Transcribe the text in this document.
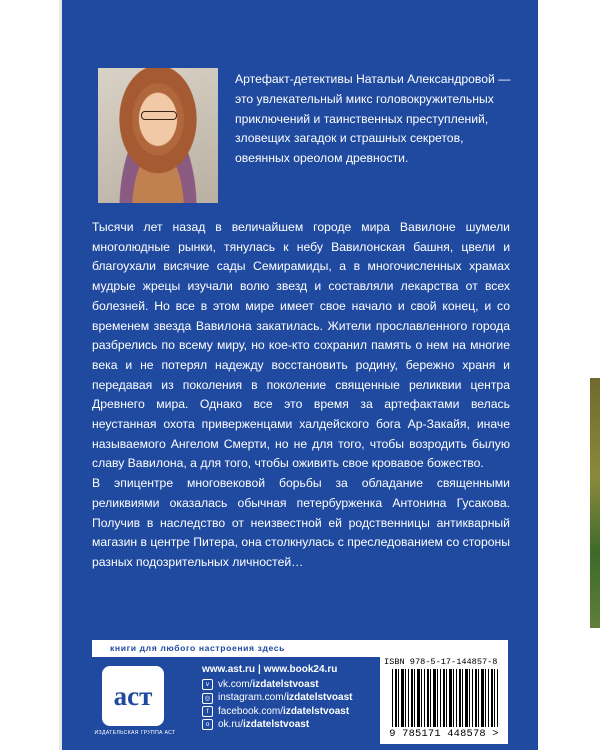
Артефакт-детективы Натальи Александровой —
это увлекательный микс головокружительных
приключений и таинственных преступлений,
зловещих загадок и страшных секретов,
овеянных ореолом древности.

Тысячи лет назад в величайшем городе мира Вавилоне шумели многолюдные рынки, тянулась к небу Вавилонская башня, цвели и благоухали висячие сады Семирамиды, а в многочисленных храмах мудрые жрецы изучали волю звезд и составляли лекарства от всех болезней. Но все в этом мире имеет свое начало и свой конец, и со временем звезда Вавилона закатилась. Жители прославленного города разбрелись по всему миру, но кое-кто сохранил память о нем на многие века и не потерял надежду восстановить родину, бережно храня и передавая из поколения в поколение священные реликвии центра Древнего мира. Однако все это время за артефактами велась неустанная охота приверженцами халдейского бога Ар-Закайя, иначе называемого Ангелом Смерти, но не для того, чтобы возродить былую славу Вавилона, а для того, чтобы оживить свое кровавое божество.

В эпицентре многовековой борьбы за обладание священными реликвиями оказалась обычная петербурженка Антонина Гусакова. Получив в наследство от неизвестной ей родственницы антикварный магазин в центре Питера, она столкнулась с преследованием со стороны разных подозрительных личностей…

книги для любого настроения здесь
аст
ИЗДАТЕЛЬСКАЯ ГРУППА АСТ
www.ast.ru | www.book24.ru
v vk.com/ izdatelstvoast
◎ instagram.com/ izdatelstvoast
f facebook.com/ izdatelstvoast
o ok.ru/ izdatelstvoast
ISBN 978-5-17-144857-8
9 785171 448578 >
